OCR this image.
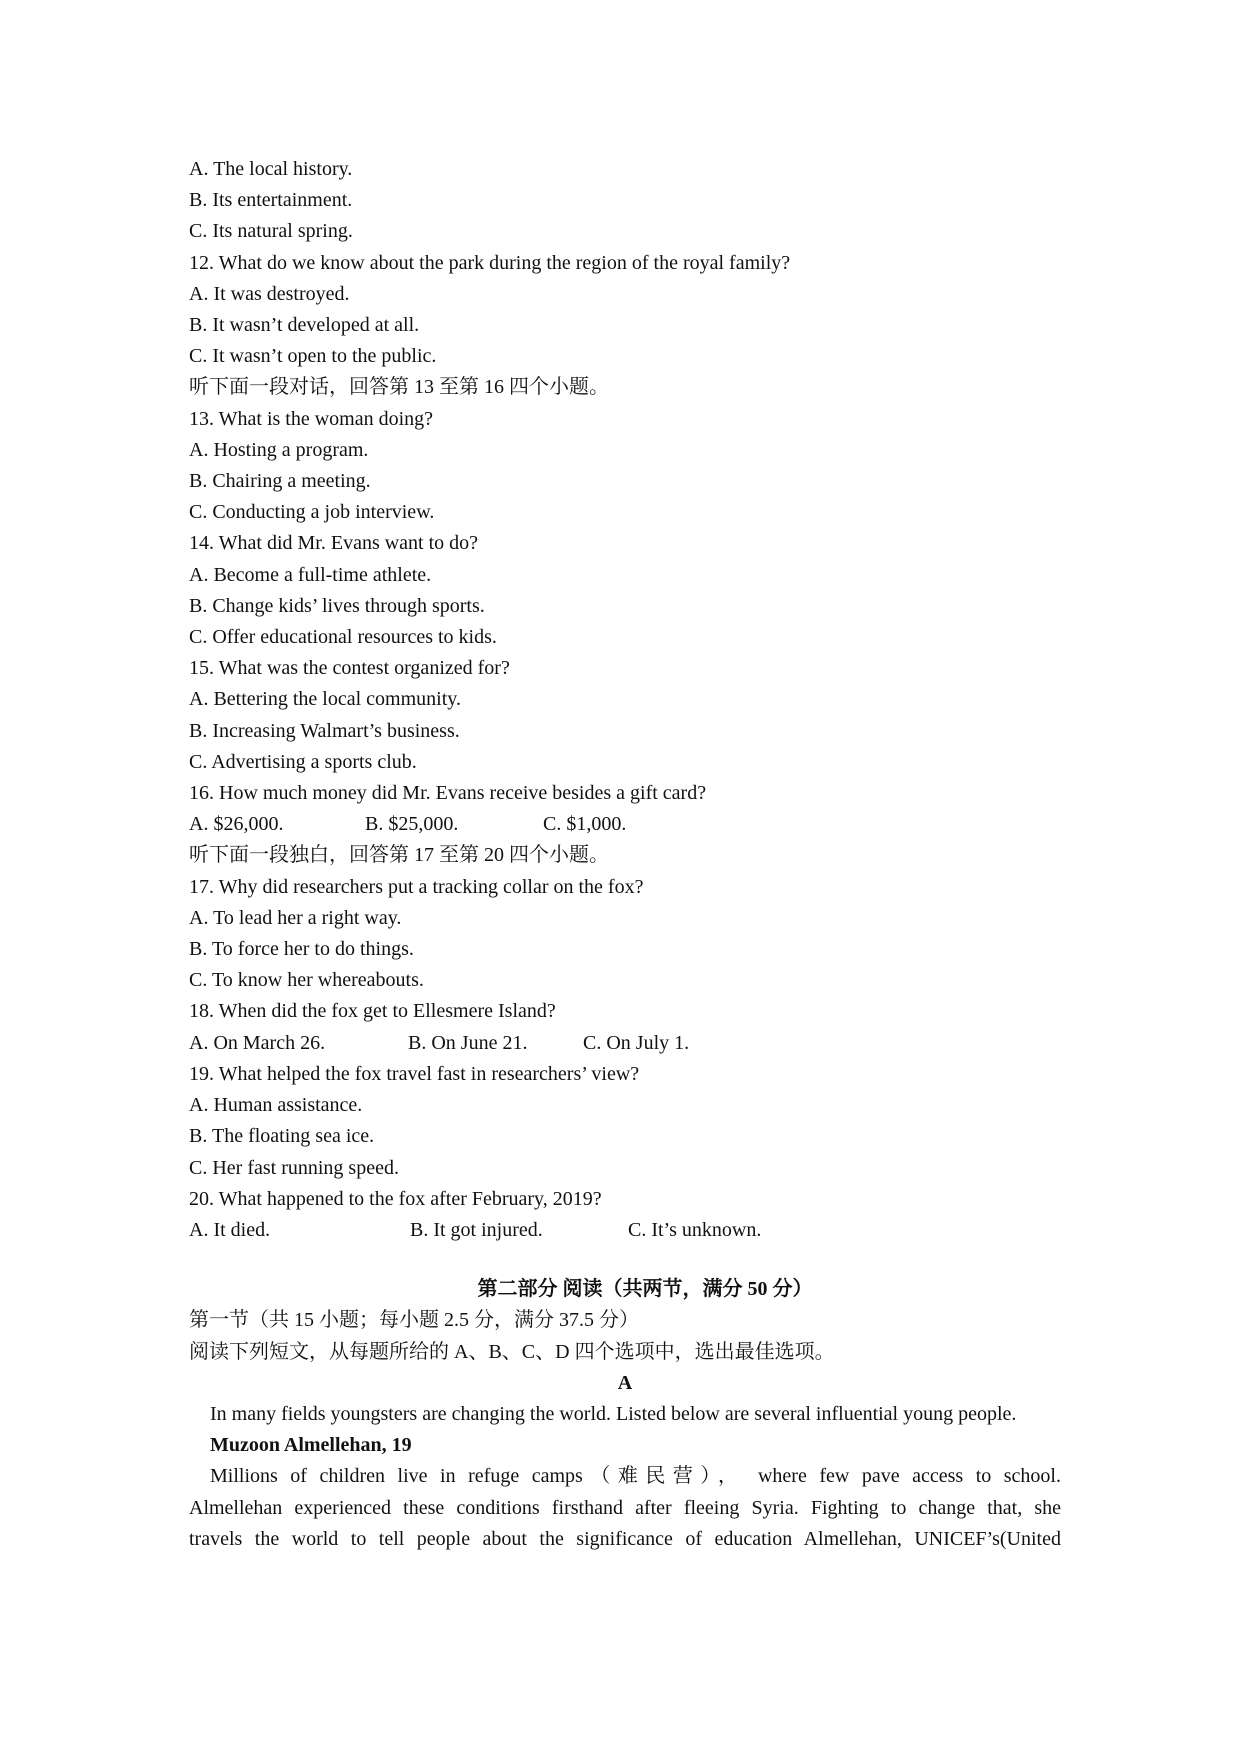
A. The local history.
B. Its entertainment.
C. Its natural spring.
12. What do we know about the park during the region of the royal family?
A. It was destroyed.
B. It wasn’t developed at all.
C. It wasn’t open to the public.
听下面一段对话，回答第 13 至第 16 四个小题。
13. What is the woman doing?
A. Hosting a program.
B. Chairing a meeting.
C. Conducting a job interview.
14. What did Mr. Evans want to do?
A. Become a full-time athlete.
B. Change kids’ lives through sports.
C. Offer educational resources to kids.
15. What was the contest organized for?
A. Bettering the local community.
B. Increasing Walmart’s business.
C. Advertising a sports club.
16. How much money did Mr. Evans receive besides a gift card?
A. $26,000.	B. $25,000.	C. $1,000.
听下面一段独白，回答第 17 至第 20 四个小题。
17. Why did researchers put a tracking collar on the fox?
A. To lead her a right way.
B. To force her to do things.
C. To know her whereabouts.
18. When did the fox get to Ellesmere Island?
A. On March 26.	B. On June 21.	C. On July 1.
19. What helped the fox travel fast in researchers’ view?
A. Human assistance.
B. The floating sea ice.
C. Her fast running speed.
20. What happened to the fox after February, 2019?
A. It died.	B. It got injured.	C. It’s unknown.
第二部分 阅读（共两节，满分 50 分）
第一节（共 15 小题；每小题 2.5 分，满分 37.5 分）
阅读下列短文，从每题所给的 A、B、C、D 四个选项中，选出最佳选项。
A
In many fields youngsters are changing the world. Listed below are several influential young people.
Muzoon Almellehan, 19
Millions of children live in refuge camps（难民营）， where few pave access to school.
Almellehan experienced these conditions firsthand after fleeing Syria. Fighting to change that, she
travels the world to tell people about the significance of education Almellehan, UNICEF’s(United
